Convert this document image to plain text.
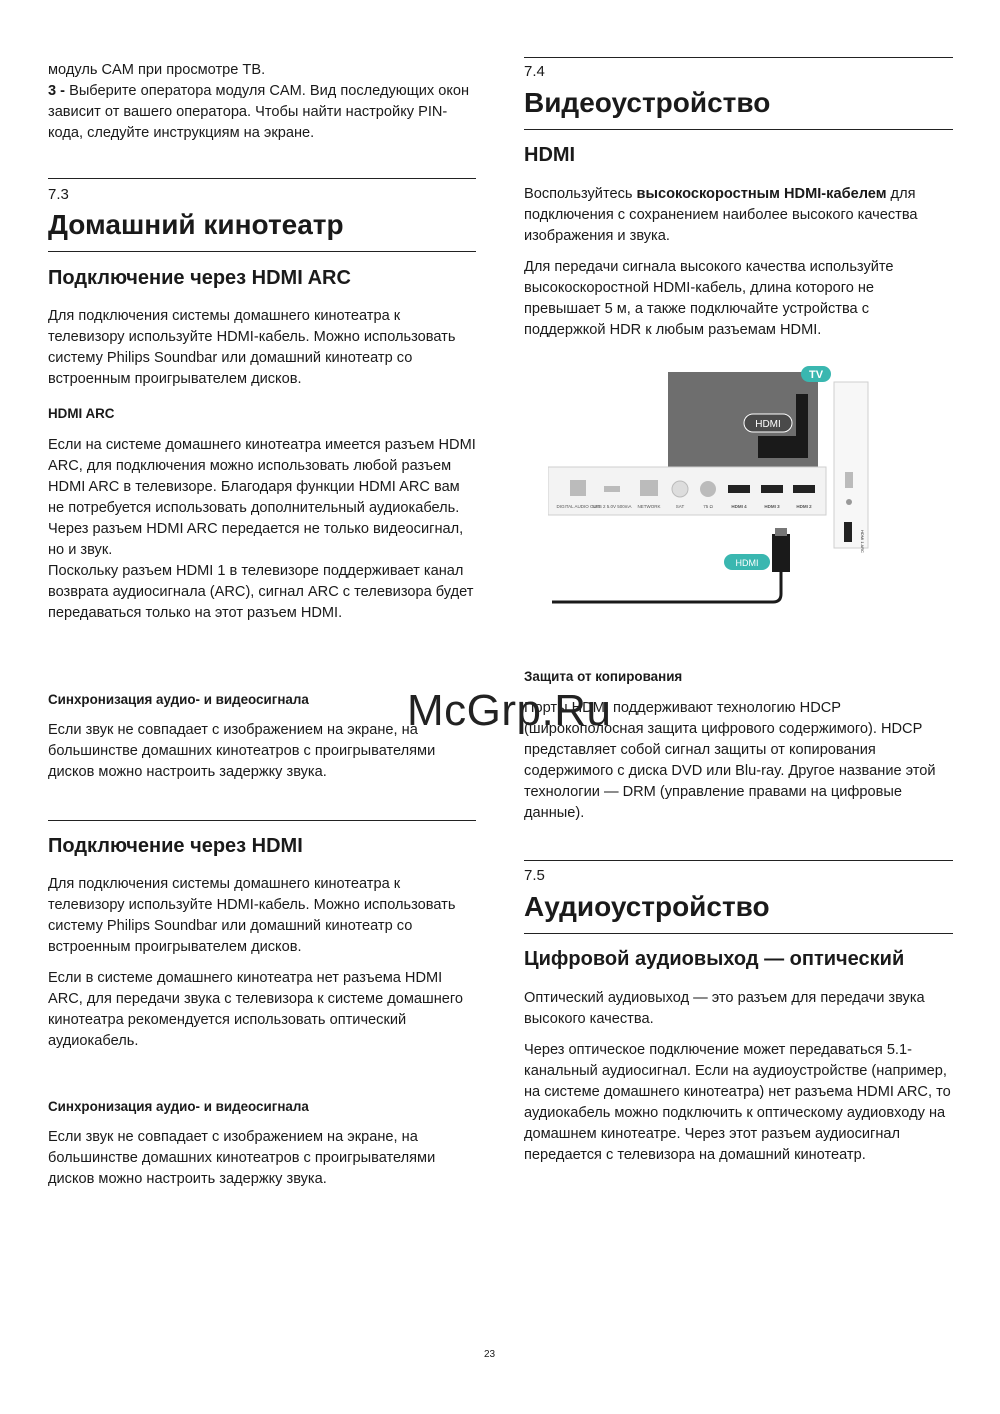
модуль CAM при просмотре ТВ.

3 - Выберите оператора модуля CAM. Вид последующих окон зависит от вашего оператора. Чтобы найти настройку PIN-кода, следуйте инструкциям на экране.

7.3
Домашний кинотеатр
Подключение через HDMI ARC

Для подключения системы домашнего кинотеатра к телевизору используйте HDMI-кабель. Можно использовать систему Philips Soundbar или домашний кинотеатр со встроенным проигрывателем дисков.

HDMI ARC

Если на системе домашнего кинотеатра имеется разъем HDMI ARC, для подключения можно использовать любой разъем HDMI ARC в телевизоре. Благодаря функции HDMI ARC вам не потребуется использовать дополнительный аудиокабель. Через разъем HDMI ARC передается не только видеосигнал, но и звук.

Поскольку разъем HDMI 1 в телевизоре поддерживает канал возврата аудиосигнала (ARC), сигнал ARC с телевизора будет передаваться только на этот разъем HDMI.

Синхронизация аудио- и видеосигнала

Если звук не совпадает с изображением на экране, на большинстве домашних кинотеатров с проигрывателями дисков можно настроить задержку звука.

Подключение через HDMI

Для подключения системы домашнего кинотеатра к телевизору используйте HDMI-кабель. Можно использовать систему Philips Soundbar или домашний кинотеатр со встроенным проигрывателем дисков.

Если в системе домашнего кинотеатра нет разъема HDMI ARC, для передачи звука с телевизора к системе домашнего кинотеатра рекомендуется использовать оптический аудиокабель.

Синхронизация аудио- и видеосигнала

Если звук не совпадает с изображением на экране, на большинстве домашних кинотеатров с проигрывателями дисков можно настроить задержку звука.

7.4
Видеоустройство
HDMI

Воспользуйтесь высокоскоростным HDMI-кабелем для подключения с сохранением наиболее высокого качества изображения и звука.

Для передачи сигнала высокого качества используйте высокоскоростной HDMI-кабель, длина которого не превышает 5 м, а также подключайте устройства с поддержкой HDR к любым разъемам HDMI.

Защита от копирования

Порты HDMI поддерживают технологию HDCP (широкополосная защита цифрового содержимого). HDCP представляет собой сигнал защиты от копирования содержимого с диска DVD или Blu-ray. Другое название этой технологии — DRM (управление правами на цифровые данные).

7.5
Аудиоустройство
Цифровой аудиовыход — оптический

Оптический аудиовыход — это разъем для передачи звука высокого качества.

Через оптическое подключение может передаваться 5.1-канальный аудиосигнал. Если на аудиоустройстве (например, на системе домашнего кинотеатра) нет разъема HDMI ARC, то аудиокабель можно подключить к оптическому аудиовходу на домашнем кинотеатре. Через этот разъем аудиосигнал передается с телевизора на домашний кинотеатр.

TV
HDMI
DIGITAL AUDIO OUT
USB 2 5.0V 500mA NETWORK	SAT	75 Ω	HDMI 4	HDMI 3	HDMI 2
HDMI 1 ARC
HDMI
McGrp.Ru
23
